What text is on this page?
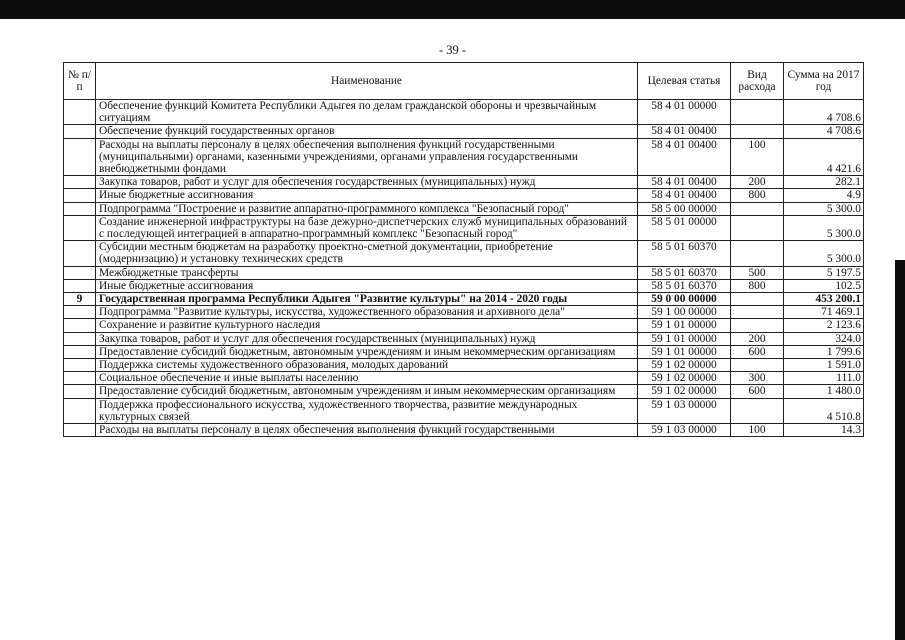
- 39 -
№ п/п	Наименование	Целевая статья	Вид расхода	Сумма на 2017 год
	Обеспечение функций Комитета Республики Адыгея по делам гражданской обороны и чрезвычайным ситуациям	58 4 01 00000		4 708.6
	Обеспечение функций государственных органов	58 4 01 00400		4 708.6
	Расходы на выплаты персоналу в целях обеспечения выполнения функций государственными (муниципальными) органами, казенными учреждениями, органами управления государственными внебюджетными фондами	58 4 01 00400	100	4 421.6
	Закупка товаров, работ и услуг для обеспечения государственных (муниципальных) нужд	58 4 01 00400	200	282.1
	Иные бюджетные ассигнования	58 4 01 00400	800	4.9
	Подпрограмма "Построение и развитие аппаратно-программного комплекса "Безопасный город"	58 5 00 00000		5 300.0
	Создание инженерной инфраструктуры на базе дежурно-диспетчерских служб муниципальных образований с последующей интеграцией в аппаратно-программный комплекс "Безопасный город"	58 5 01 00000		5 300.0
	Субсидии местным бюджетам на разработку проектно-сметной документации, приобретение (модернизацию) и установку технических средств	58 5 01 60370		5 300.0
	Межбюджетные трансферты	58 5 01 60370	500	5 197.5
	Иные бюджетные ассигнования	58 5 01 60370	800	102.5
9	Государственная программа Республики Адыгея "Развитие культуры" на 2014 - 2020 годы	59 0 00 00000		453 200.1
	Подпрограмма "Развитие культуры, искусства, художественного образования и архивного дела"	59 1 00 00000		71 469.1
	Сохранение и развитие культурного наследия	59 1 01 00000		2 123.6
	Закупка товаров, работ и услуг для обеспечения государственных (муниципальных) нужд	59 1 01 00000	200	324.0
	Предоставление субсидий бюджетным, автономным учреждениям и иным некоммерческим организациям	59 1 01 00000	600	1 799.6
	Поддержка системы художественного образования, молодых дарований	59 1 02 00000		1 591.0
	Социальное обеспечение и иные выплаты населению	59 1 02 00000	300	111.0
	Предоставление субсидий бюджетным, автономным учреждениям и иным некоммерческим организациям	59 1 02 00000	600	1 480.0
	Поддержка профессионального искусства, художественного творчества, развитие международных культурных связей	59 1 03 00000		4 510.8
	Расходы на выплаты персоналу в целях обеспечения выполнения функций государственными	59 1 03 00000	100	14.3
